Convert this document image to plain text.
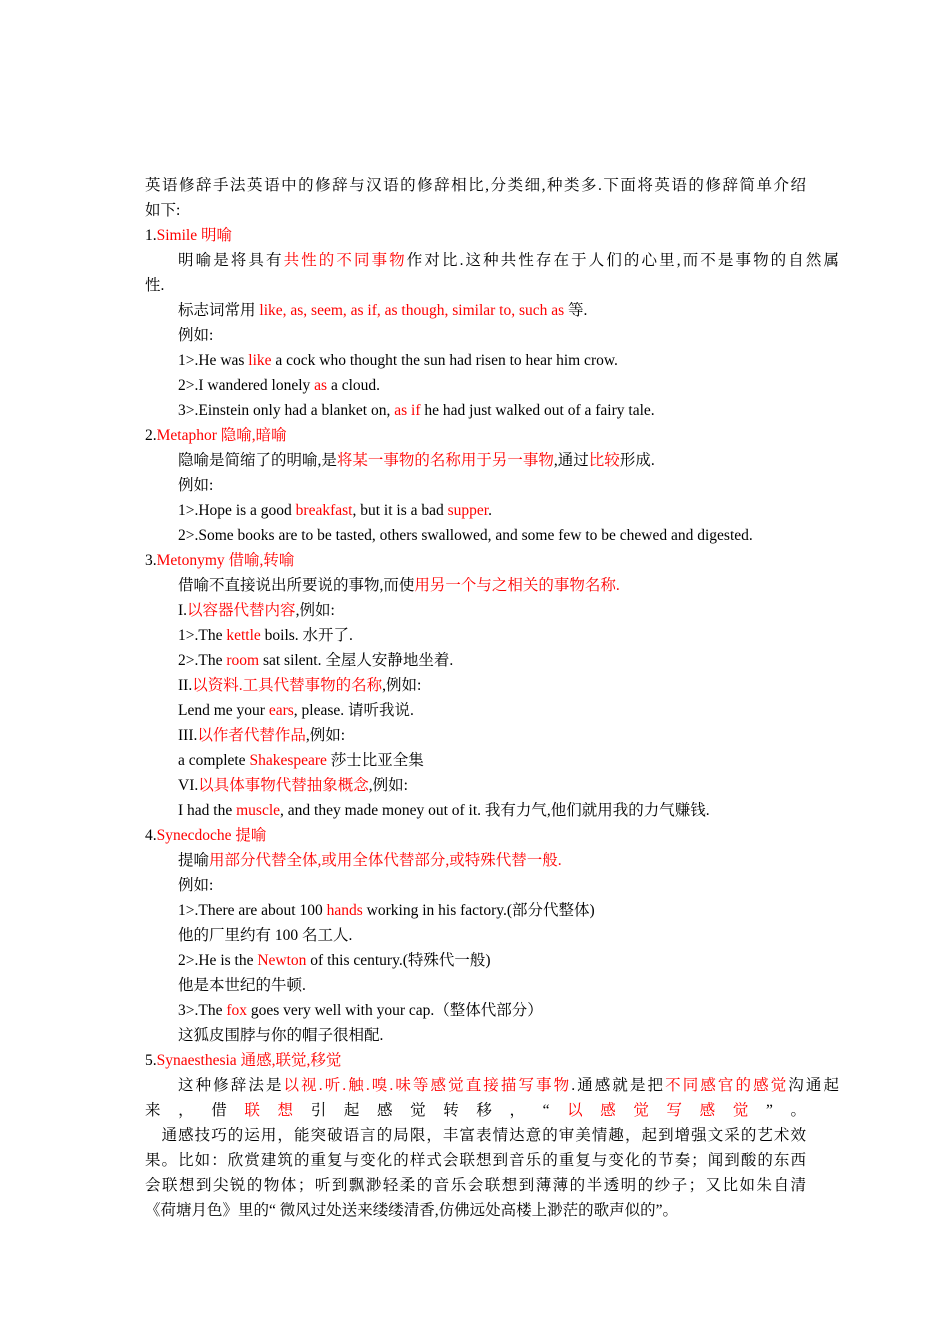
英语修辞手法英语中的修辞与汉语的修辞相比,分类细,种类多.下面将英语的修辞简单介绍
如下:
1.Simile 明喻
明喻是将具有共性的不同事物作对比.这种共性存在于人们的心里,而不是事物的自然属
性.
标志词常用 like, as, seem, as if, as though, similar to, such as 等.
例如:
1>.He was like a cock who thought the sun had risen to hear him crow.
2>.I wandered lonely as a cloud.
3>.Einstein only had a blanket on, as if he had just walked out of a fairy tale.
2.Metaphor 隐喻,暗喻
隐喻是简缩了的明喻,是将某一事物的名称用于另一事物,通过比较形成.
例如:
1>.Hope is a good breakfast, but it is a bad supper.
2>.Some books are to be tasted, others swallowed, and some few to be chewed and digested.
3.Metonymy 借喻,转喻
借喻不直接说出所要说的事物,而使用另一个与之相关的事物名称.
I.以容器代替内容,例如:
1>.The kettle boils. 水开了.
2>.The room sat silent. 全屋人安静地坐着.
II.以资料.工具代替事物的名称,例如:
Lend me your ears, please. 请听我说.
III.以作者代替作品,例如:
a complete Shakespeare 莎士比亚全集
VI.以具体事物代替抽象概念,例如:
I had the muscle, and they made money out of it. 我有力气,他们就用我的力气赚钱.
4.Synecdoche 提喻
提喻用部分代替全体,或用全体代替部分,或特殊代替一般.
例如:
1>.There are about 100 hands working in his factory.(部分代整体)
他的厂里约有 100 名工人.
2>.He is the Newton of this century.(特殊代一般)
他是本世纪的牛顿.
3>.The fox goes very well with your cap.（整体代部分）
这狐皮围脖与你的帽子很相配.
5.Synaesthesia 通感,联觉,移觉
这种修辞法是以视.听.触.嗅.味等感觉直接描写事物.通感就是把不同感官的感觉沟通起
来，借联想引起感觉转移，“以感觉写感觉”。
　通感技巧的运用，能突破语言的局限，丰富表情达意的审美情趣，起到增强文采的艺术效
果。比如：欣赏建筑的重复与变化的样式会联想到音乐的重复与变化的节奏；闻到酸的东西
会联想到尖锐的物体；听到飘渺轻柔的音乐会联想到薄薄的半透明的纱子；又比如朱自清
《荷塘月色》里的“ 微风过处送来缕缕清香,仿佛远处高楼上渺茫的歌声似的”。
